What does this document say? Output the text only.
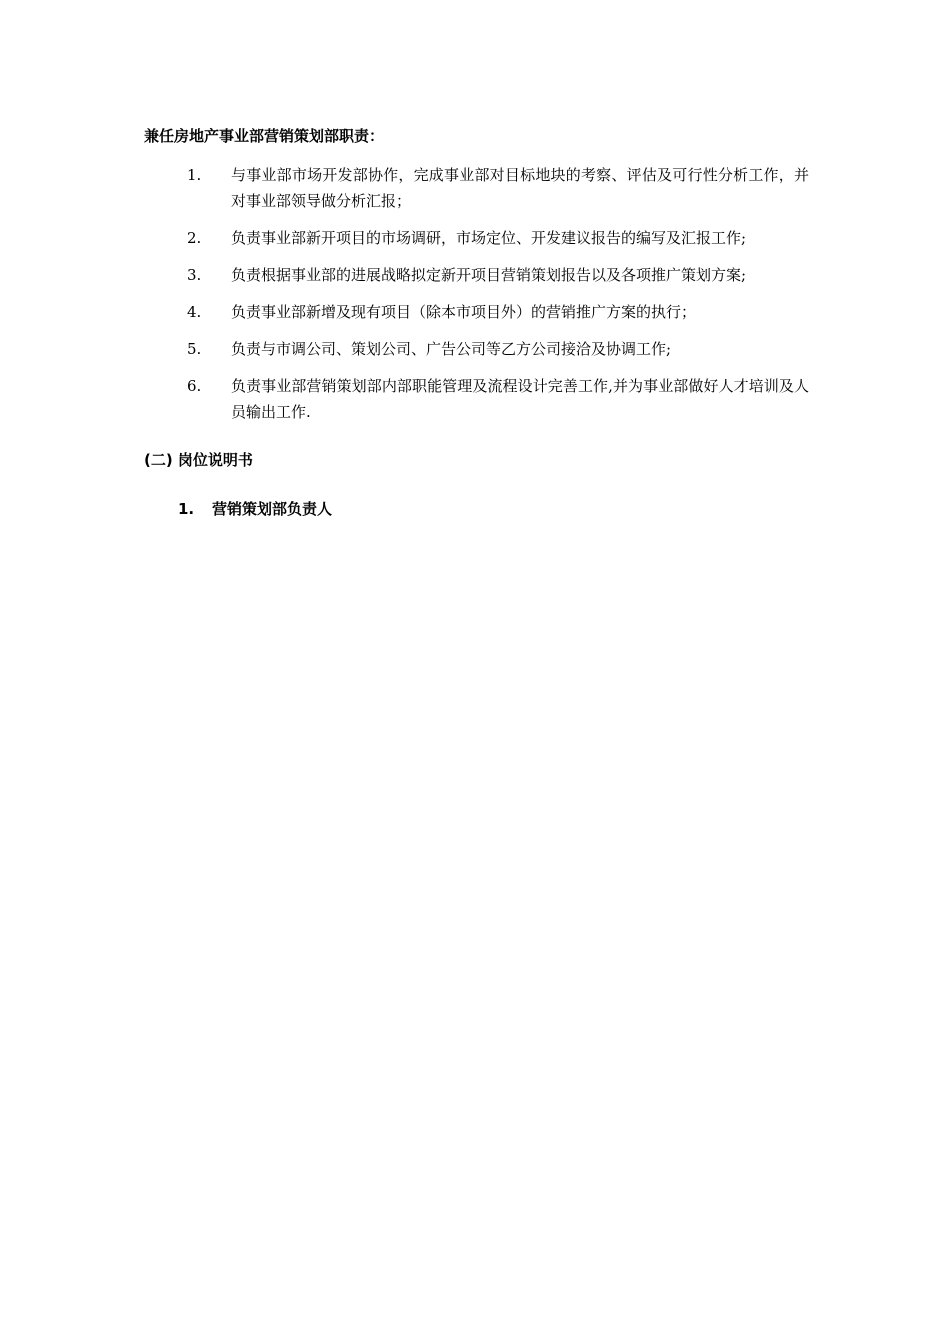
兼任房地产事业部营销策划部职责：
1. 与事业部市场开发部协作，完成事业部对目标地块的考察、评估及可行性分析工作，并对事业部领导做分析汇报；
2. 负责事业部新开项目的市场调研，市场定位、开发建议报告的编写及汇报工作;
3. 负责根据事业部的进展战略拟定新开项目营销策划报告以及各项推广策划方案;
4. 负责事业部新增及现有项目（除本市项目外）的营销推广方案的执行；
5. 负责与市调公司、策划公司、广告公司等乙方公司接洽及协调工作;
6. 负责事业部营销策划部内部职能管理及流程设计完善工作,并为事业部做好人才培训及人员输出工作.
(二) 岗位说明书
1. 营销策划部负责人
